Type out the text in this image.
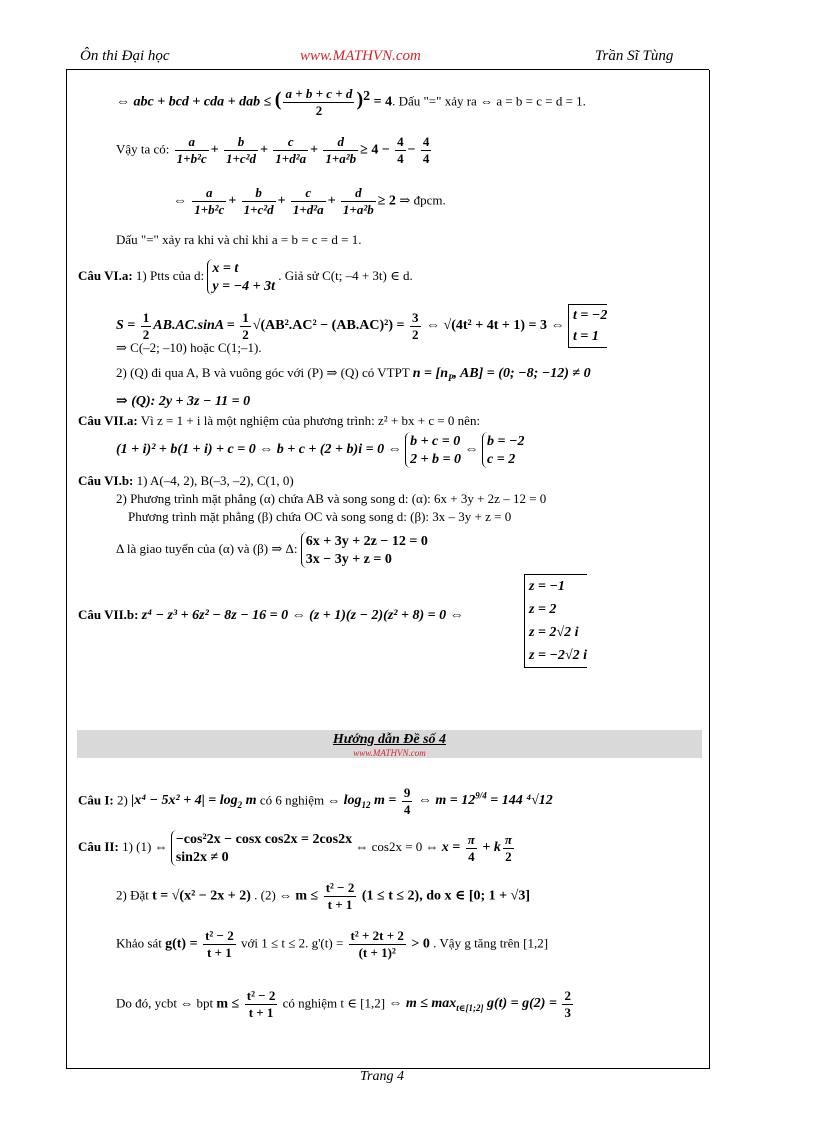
Ôn thi Đại học	www.MATHVN.com	Trần Sĩ Tùng
⇔ abc + bcd + cda + dab ≤ ( $\frac{a + b + c + d}{2} )^2 = 4$. Dấu "=" xảy ra ⇔ a = b = c = d = 1.
Vậy ta có: $\frac{a}{\text{1+b²c}} + \frac{b}{\text{1+c²d}} + \frac{c}{\text{1+d²a}} + \frac{d}{\text{1+a²b}} \ge 4 - \frac{4}{4} - \frac{4}{4}$
⇔ $\frac{a}{\text{1+b²c}} + \frac{b}{\text{1+c²d}} + \frac{c}{\text{1+d²a}} + \frac{d}{\text{1+a²b}} \ge 2$ ⇒ đpcm.
Dấu "=" xảy ra khi và chỉ khi a = b = c = d = 1.
Câu VI.a: 1) Ptts của d: x = t
y = −4 + 3t . Giả sử C(t; –4 + 3t) ∈ d.
$S = \frac{1}{2} AB.AC.\sin A = \frac{1}{2} √(AB^2.AC^2 - (AB.AC)^2) = \frac{3}{2}$ ⇔ √(4t² + 4t + 1) = 3 ⇔ t = −2
t = 1
⇒ C(–2; –10) hoặc C(1;–1).
2) (Q) đi qua A, B và vuông góc với (P) ⇒ (Q) có VTPT $n = [n_P$, AB] = (0; −8; −12) ≠ 0
⇒ (Q): 2y + 3z − 11 = 0
Câu VII.a: Vì z = 1 + i là một nghiệm của phương trình: z² + bx + c = 0 nên:
(1 + i)² + b(1 + i) + c = 0 ⇔ b + c + (2 + b)i = 0 ⇔ b + c = 0
2 + b = 0 ⇔ b = −2
c = 2
Câu VI.b: 1) A(–4, 2), B(–3, –2), C(1, 0)
2) Phương trình mặt phẳng (α) chứa AB và song song d: (α): 6x + 3y + 2z – 12 = 0
Phương trình mặt phẳng (β) chứa OC và song song d: (β): 3x – 3y + z = 0
Δ là giao tuyến của (α) và (β) ⇒ Δ: 6x + 3y + 2z − 12 = 0
3x − 3y + z = 0
Câu VII.b: z⁴ − z³ + 6z² − 8z − 16 = 0 ⇔ (z + 1)(z − 2)(z² + 8) = 0 ⇔
z = −1
z = 2
z = 2√2 i
z = −2√2 i
Hướng dẫn Đề số 4
www.MATHVN.com
Câu I: 2) $|x^4 - 5x^2 + 4| = \log_2 m$ có 6 nghiệm ⇔ $\log_{12} m = \frac{9}{4}$ ⇔ $m = 12^{9/4} = 144$ ⁴√12
Câu II: 1) (1) ⇔ −cos²2x − cosx cos2x = 2cos2x
sin2x ≠ 0 ⇔ cos2x = 0 ⇔ $x = \frac{\pi}{4} + k \frac{\pi}{2}$
2) Đặt t = √(x² − 2x + 2) . (2) ⇔ $m \le \frac{\text{t² − 2}}{t + 1} (1 \le t \le 2)$, do x ∈ [0; 1 + √3]
Khảo sát $g(t) = \frac{\text{t² − 2}}{t + 1}$ với 1 ≤ t ≤ 2. $g'(t) = \frac{\text{t² + 2t + 2}}{\text{(t + 1)²}} > 0$ . Vậy g tăng trên [1,2]
Do đó, ycbt ⇔ bpt $m \le \frac{\text{t² − 2}}{t + 1}$ có nghiệm t ∈ [1,2] ⇔ $m \le \max_{t\in[1;2]} g(t) = g(2) = \frac{2}{3}$
Trang 4
